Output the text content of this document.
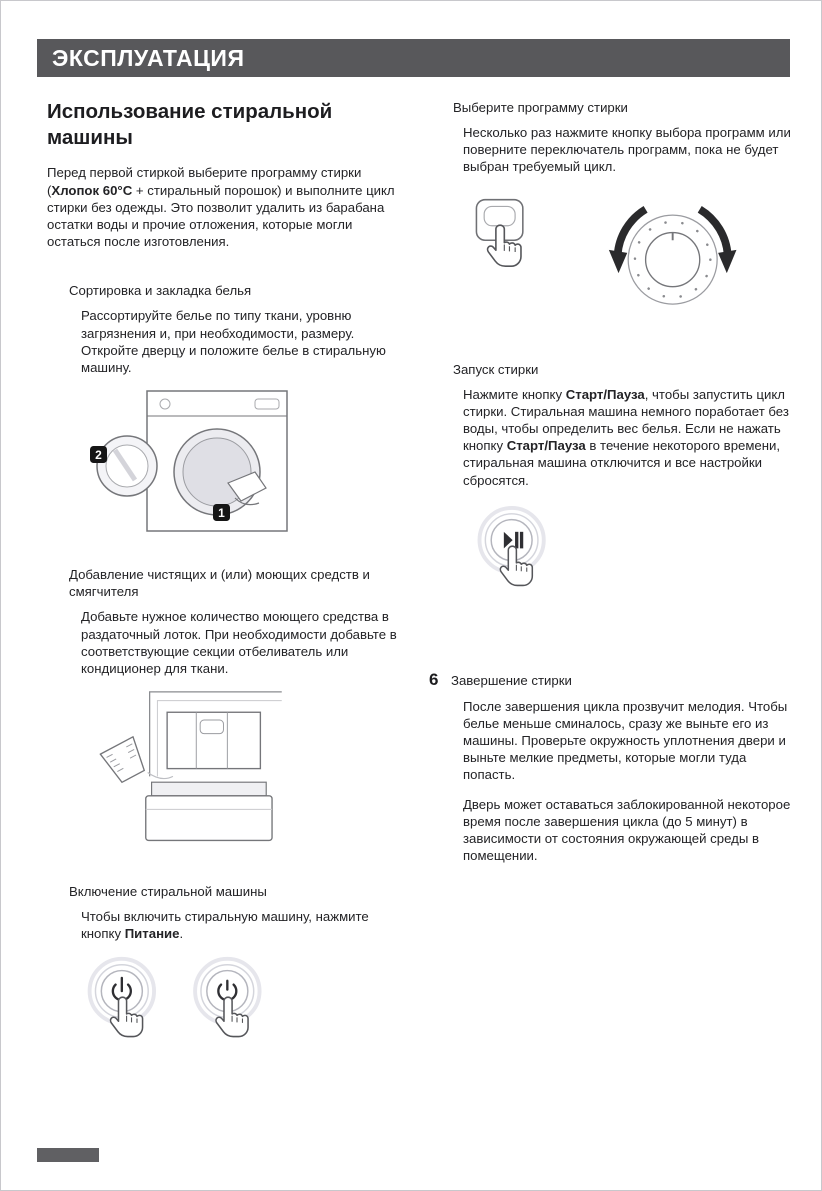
ЭКСПЛУАТАЦИЯ
Использование стиральной машины

Перед первой стиркой выберите программу стирки (Хлопок 60°C + стиральный порошок) и выполните цикл стирки без одежды. Это позволит удалить из барабана остатки воды и прочие отложения, которые могли остаться после изготовления.

Сортировка и закладка белья

Рассортируйте белье по типу ткани, уровню загрязнения и, при необходимости, размеру. Откройте дверцу и положите белье в стиральную машину.

2
1
Добавление чистящих и (или) моющих средств и смягчителя

Добавьте нужное количество моющего средства в раздаточный лоток. При необходимости добавьте в соответствующие секции отбеливатель или кондиционер для ткани.

Включение стиральной машины

Чтобы включить стиральную машину, нажмите кнопку Питание.

Выберите программу стирки

Несколько раз нажмите кнопку выбора программ или поверните переключатель программ, пока не будет выбран требуемый цикл.

Запуск стирки

Нажмите кнопку Старт/Пауза, чтобы запустить цикл стирки. Стиральная машина немного поработает без воды, чтобы определить вес белья. Если не нажать кнопку Старт/Пауза в течение некоторого времени, стиральная машина отключится и все настройки сбросятся.

6 Завершение стирки

После завершения цикла прозвучит мелодия. Чтобы белье меньше сминалось, сразу же выньте его из машины. Проверьте окружность уплотнения двери и выньте мелкие предметы, которые могли туда попасть.

Дверь может оставаться заблокированной некоторое время после завершения цикла (до 5 минут) в зависимости от состояния окружающей среды в помещении.
